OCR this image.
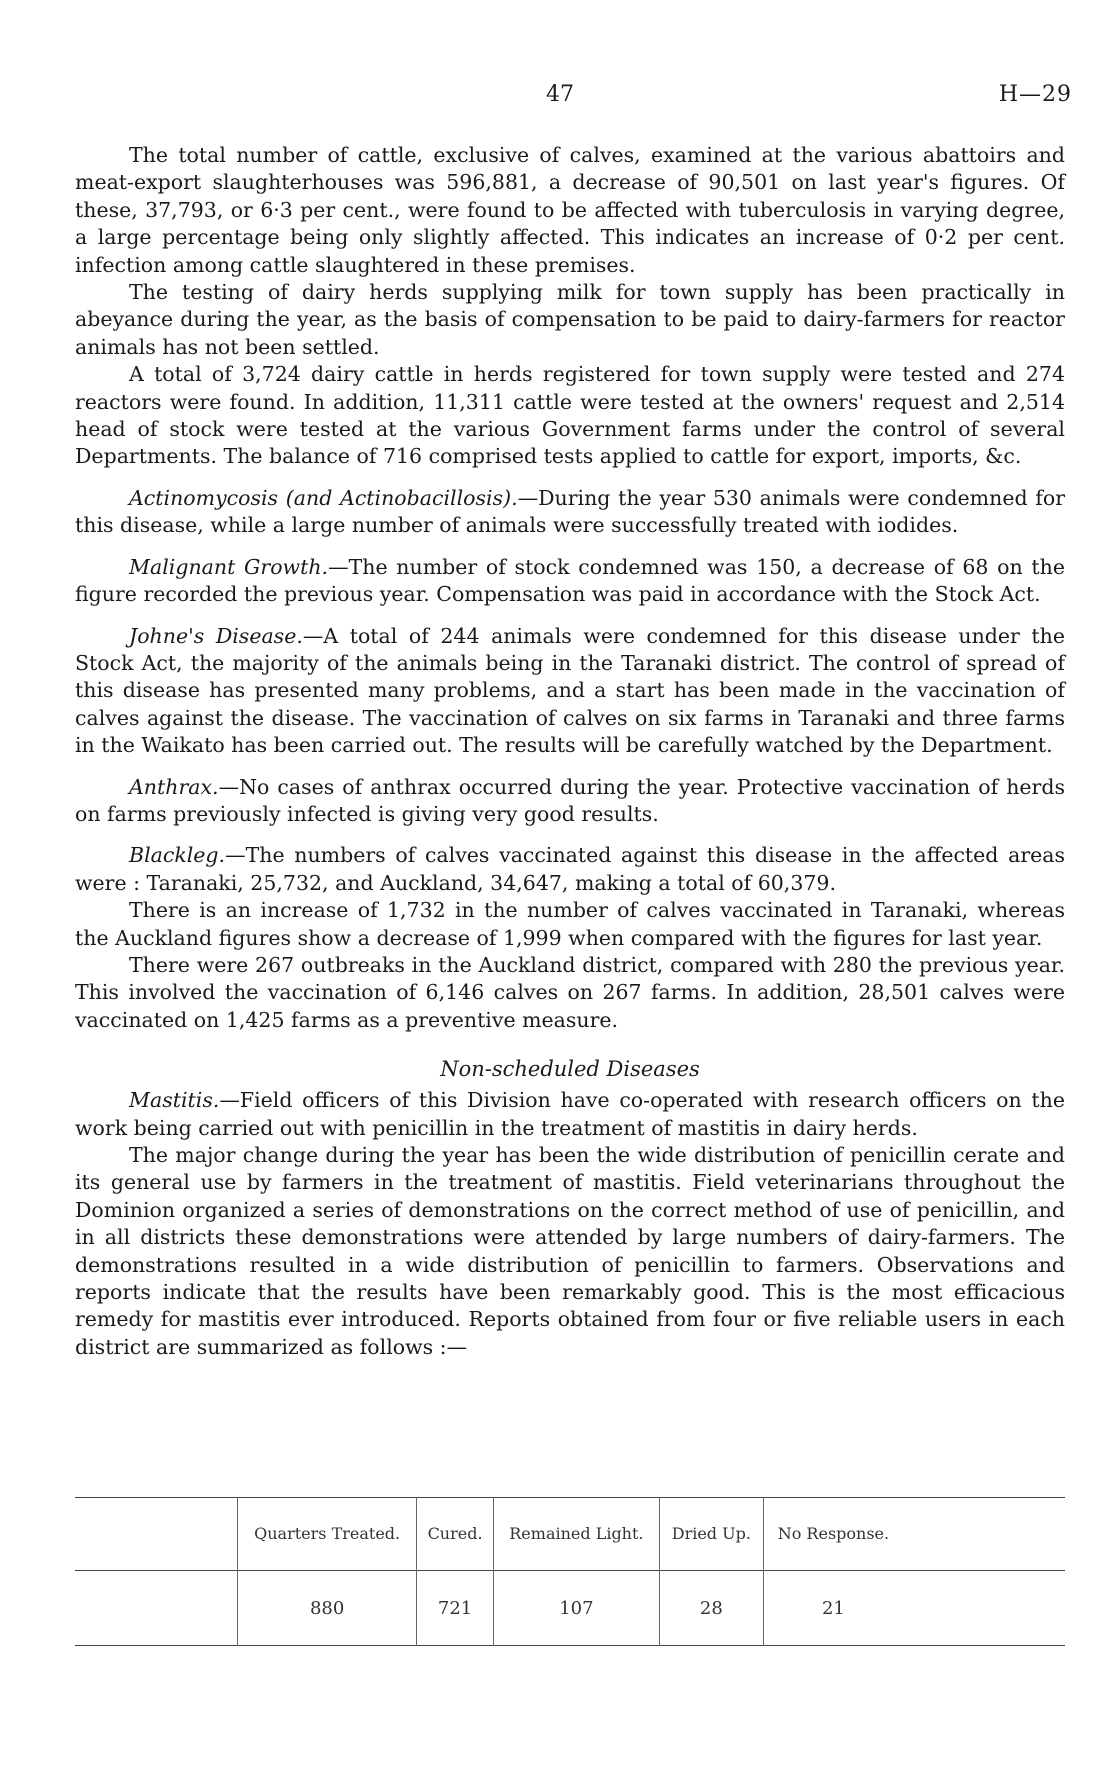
47	H—29

The total number of cattle, exclusive of calves, examined at the various abattoirs and meat-export slaughterhouses was 596,881, a decrease of 90,501 on last year's figures. Of these, 37,793, or 6·3 per cent., were found to be affected with tuberculosis in varying degree, a large percentage being only slightly affected. This indicates an increase of 0·2 per cent. infection among cattle slaughtered in these premises.

The testing of dairy herds supplying milk for town supply has been practically in abeyance during the year, as the basis of compensation to be paid to dairy-farmers for reactor animals has not been settled.

A total of 3,724 dairy cattle in herds registered for town supply were tested and 274 reactors were found. In addition, 11,311 cattle were tested at the owners' request and 2,514 head of stock were tested at the various Government farms under the control of several Departments. The balance of 716 comprised tests applied to cattle for export, imports, &c.

Actinomycosis (and Actinobacillosis).—During the year 530 animals were condemned for this disease, while a large number of animals were successfully treated with iodides.

Malignant Growth.—The number of stock condemned was 150, a decrease of 68 on the figure recorded the previous year. Compensation was paid in accordance with the Stock Act.

Johne's Disease.—A total of 244 animals were condemned for this disease under the Stock Act, the majority of the animals being in the Taranaki district. The control of spread of this disease has presented many problems, and a start has been made in the vaccination of calves against the disease. The vaccination of calves on six farms in Taranaki and three farms in the Waikato has been carried out. The results will be carefully watched by the Department.

Anthrax.—No cases of anthrax occurred during the year. Protective vaccination of herds on farms previously infected is giving very good results.

Blackleg.—The numbers of calves vaccinated against this disease in the affected areas were : Taranaki, 25,732, and Auckland, 34,647, making a total of 60,379.

There is an increase of 1,732 in the number of calves vaccinated in Taranaki, whereas the Auckland figures show a decrease of 1,999 when compared with the figures for last year.

There were 267 outbreaks in the Auckland district, compared with 280 the previous year. This involved the vaccination of 6,146 calves on 267 farms. In addition, 28,501 calves were vaccinated on 1,425 farms as a preventive measure.

Non-scheduled Diseases

Mastitis.—Field officers of this Division have co-operated with research officers on the work being carried out with penicillin in the treatment of mastitis in dairy herds.

The major change during the year has been the wide distribution of penicillin cerate and its general use by farmers in the treatment of mastitis. Field veterinarians throughout the Dominion organized a series of demonstrations on the correct method of use of penicillin, and in all districts these demonstrations were attended by large numbers of dairy-farmers. The demonstrations resulted in a wide distribution of penicillin to farmers. Observations and reports indicate that the results have been remarkably good. This is the most efficacious remedy for mastitis ever introduced. Reports obtained from four or five reliable users in each district are summarized as follows :—

	Quarters Treated.	Cured.	Remained Light.	Dried Up.	No Response.	
	880	721	107	28	21	
